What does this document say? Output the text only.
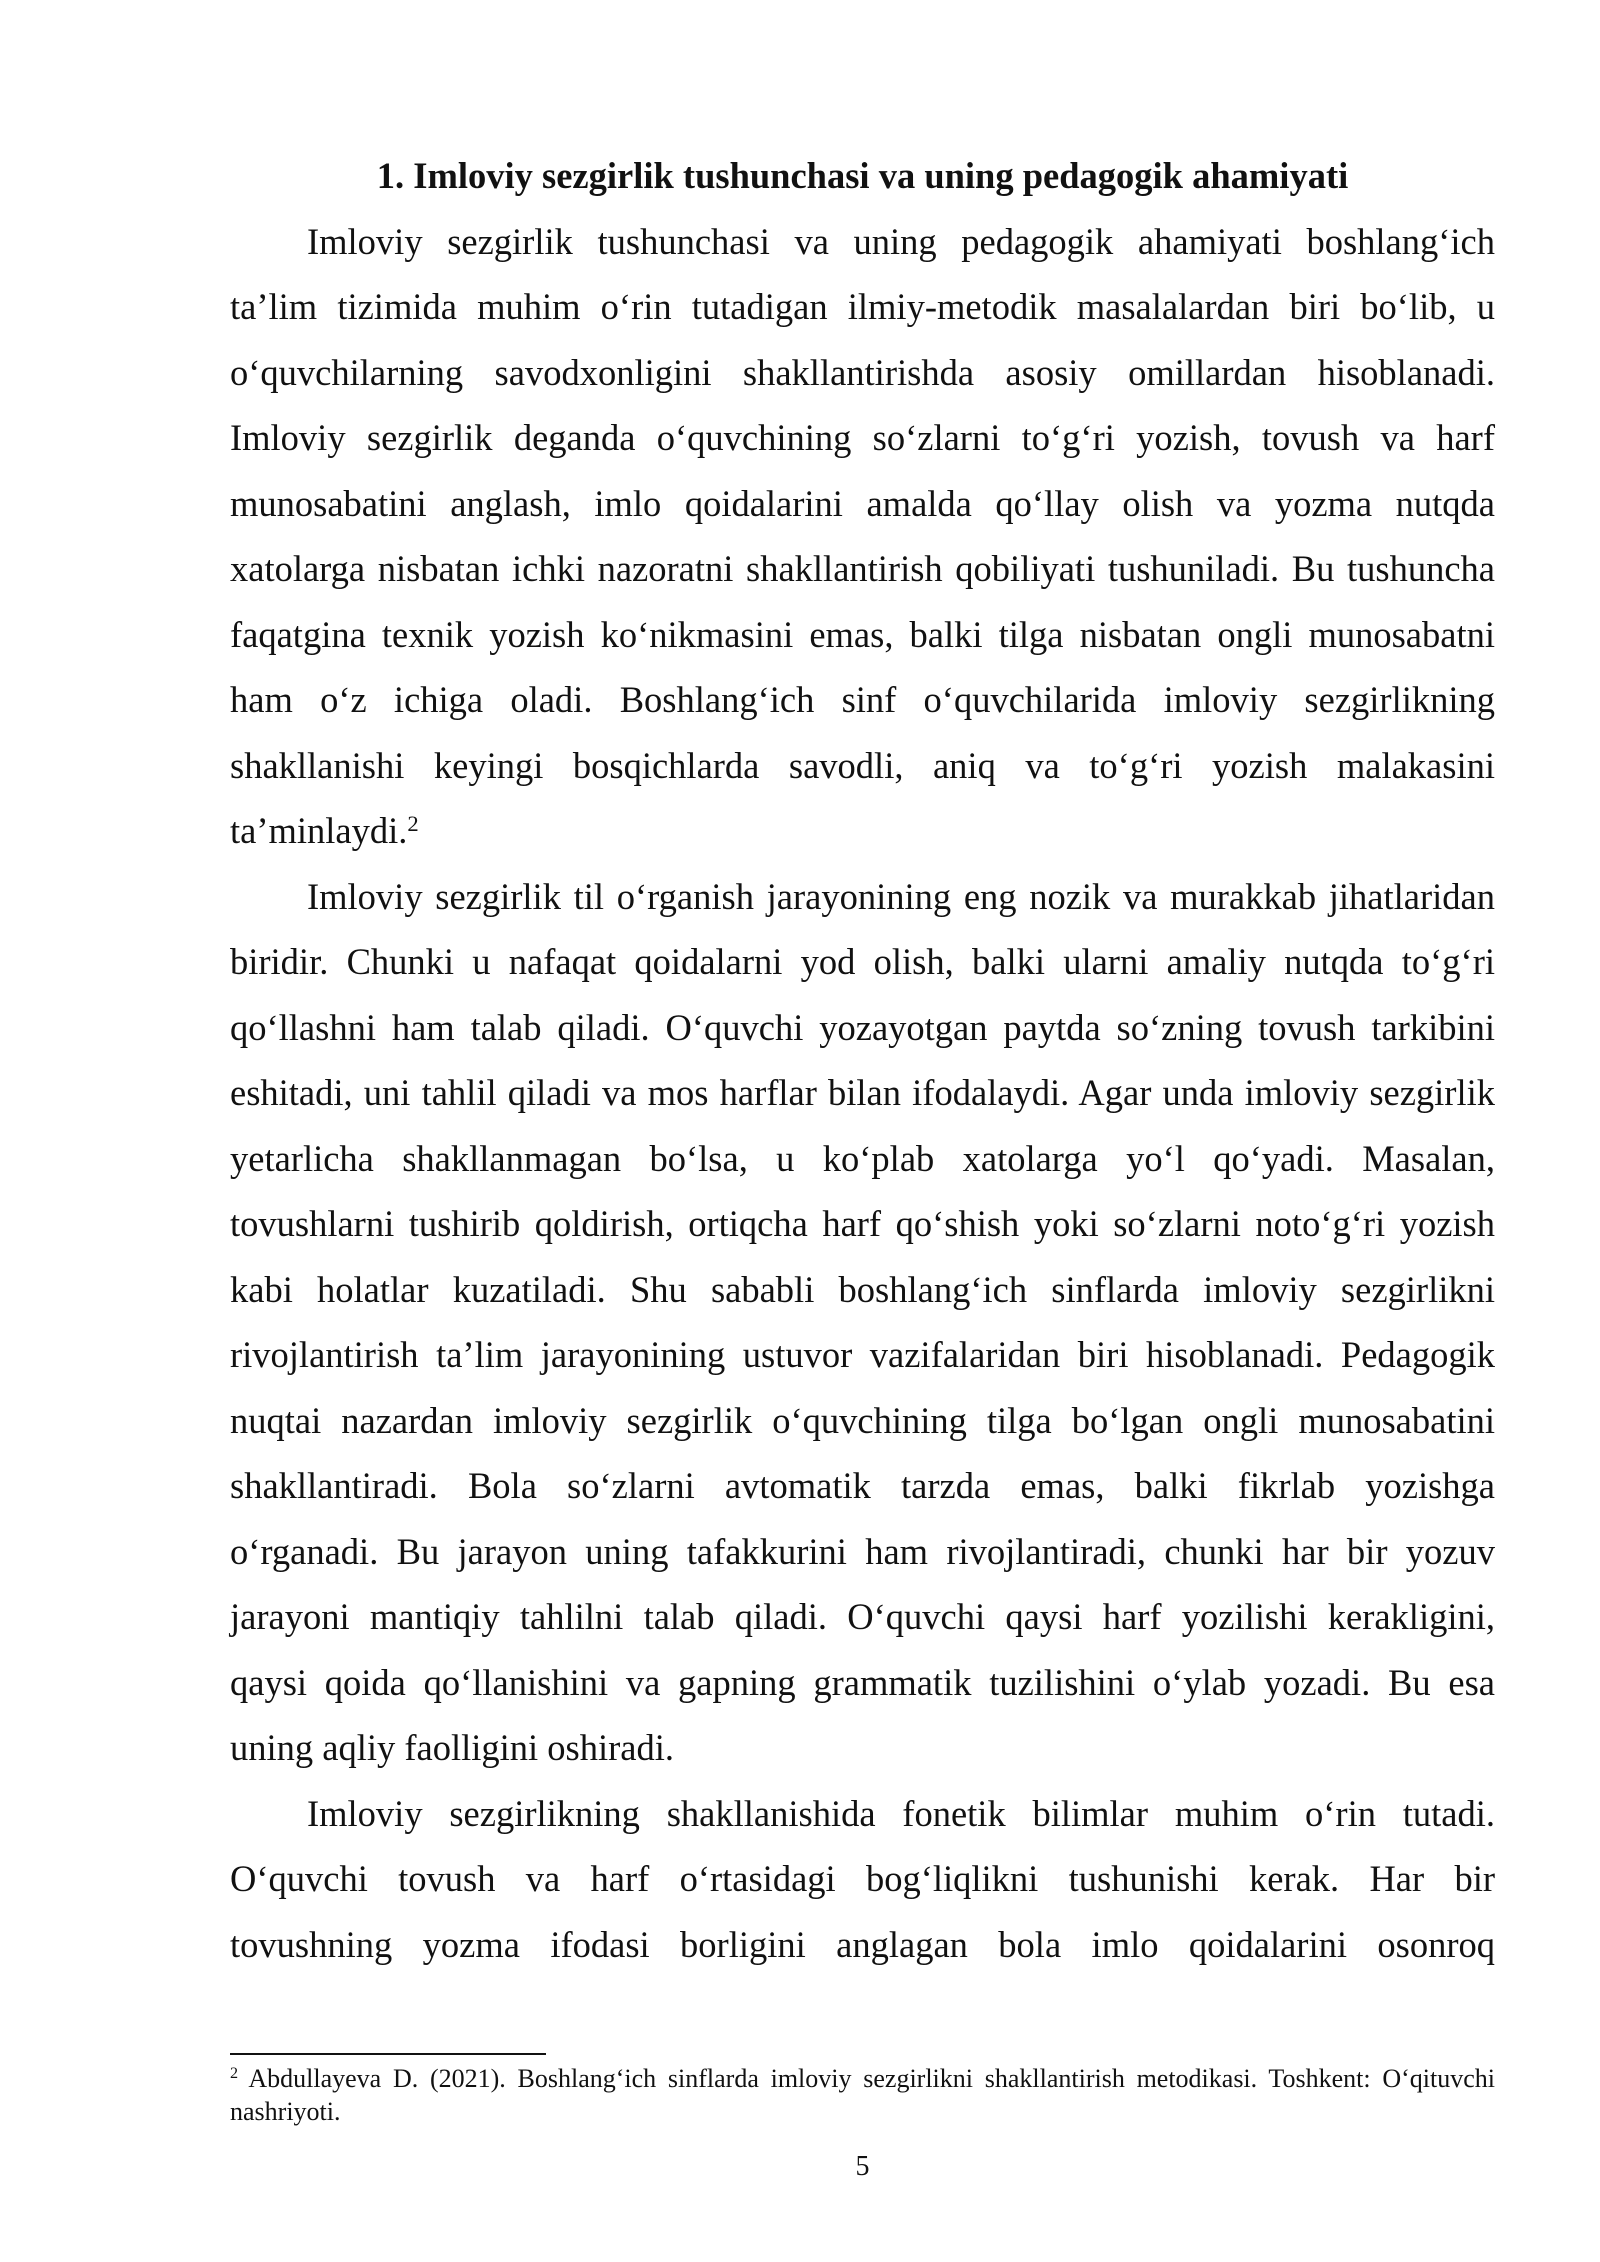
1. Imloviy sezgirlik tushunchasi va uning pedagogik ahamiyati
Imloviy sezgirlik tushunchasi va uning pedagogik ahamiyati boshlang‘ich
ta’lim tizimida muhim o‘rin tutadigan ilmiy-metodik masalalardan biri bo‘lib, u
o‘quvchilarning savodxonligini shakllantirishda asosiy omillardan hisoblanadi.
Imloviy sezgirlik deganda o‘quvchining so‘zlarni to‘g‘ri yozish, tovush va harf
munosabatini anglash, imlo qoidalarini amalda qo‘llay olish va yozma nutqda
xatolarga nisbatan ichki nazoratni shakllantirish qobiliyati tushuniladi. Bu tushuncha
faqatgina texnik yozish ko‘nikmasini emas, balki tilga nisbatan ongli munosabatni
ham o‘z ichiga oladi. Boshlang‘ich sinf o‘quvchilarida imloviy sezgirlikning
shakllanishi keyingi bosqichlarda savodli, aniq va to‘g‘ri yozish malakasini
ta’minlaydi.$^2$
Imloviy sezgirlik til o‘rganish jarayonining eng nozik va murakkab jihatlaridan
biridir. Chunki u nafaqat qoidalarni yod olish, balki ularni amaliy nutqda to‘g‘ri
qo‘llashni ham talab qiladi. O‘quvchi yozayotgan paytda so‘zning tovush tarkibini
eshitadi, uni tahlil qiladi va mos harflar bilan ifodalaydi. Agar unda imloviy sezgirlik
yetarlicha shakllanmagan bo‘lsa, u ko‘plab xatolarga yo‘l qo‘yadi. Masalan,
tovushlarni tushirib qoldirish, ortiqcha harf qo‘shish yoki so‘zlarni noto‘g‘ri yozish
kabi holatlar kuzatiladi. Shu sababli boshlang‘ich sinflarda imloviy sezgirlikni
rivojlantirish ta’lim jarayonining ustuvor vazifalaridan biri hisoblanadi. Pedagogik
nuqtai nazardan imloviy sezgirlik o‘quvchining tilga bo‘lgan ongli munosabatini
shakllantiradi. Bola so‘zlarni avtomatik tarzda emas, balki fikrlab yozishga
o‘rganadi. Bu jarayon uning tafakkurini ham rivojlantiradi, chunki har bir yozuv
jarayoni mantiqiy tahlilni talab qiladi. O‘quvchi qaysi harf yozilishi kerakligini,
qaysi qoida qo‘llanishini va gapning grammatik tuzilishini o‘ylab yozadi. Bu esa
uning aqliy faolligini oshiradi.
Imloviy sezgirlikning shakllanishida fonetik bilimlar muhim o‘rin tutadi.
O‘quvchi tovush va harf o‘rtasidagi bog‘liqlikni tushunishi kerak. Har bir
tovushning yozma ifodasi borligini anglagan bola imlo qoidalarini osonroq
$^2$ Abdullayeva D. (2021). Boshlang‘ich sinflarda imloviy sezgirlikni shakllantirish metodikasi. Toshkent: O‘qituvchi
nashriyoti.
5
